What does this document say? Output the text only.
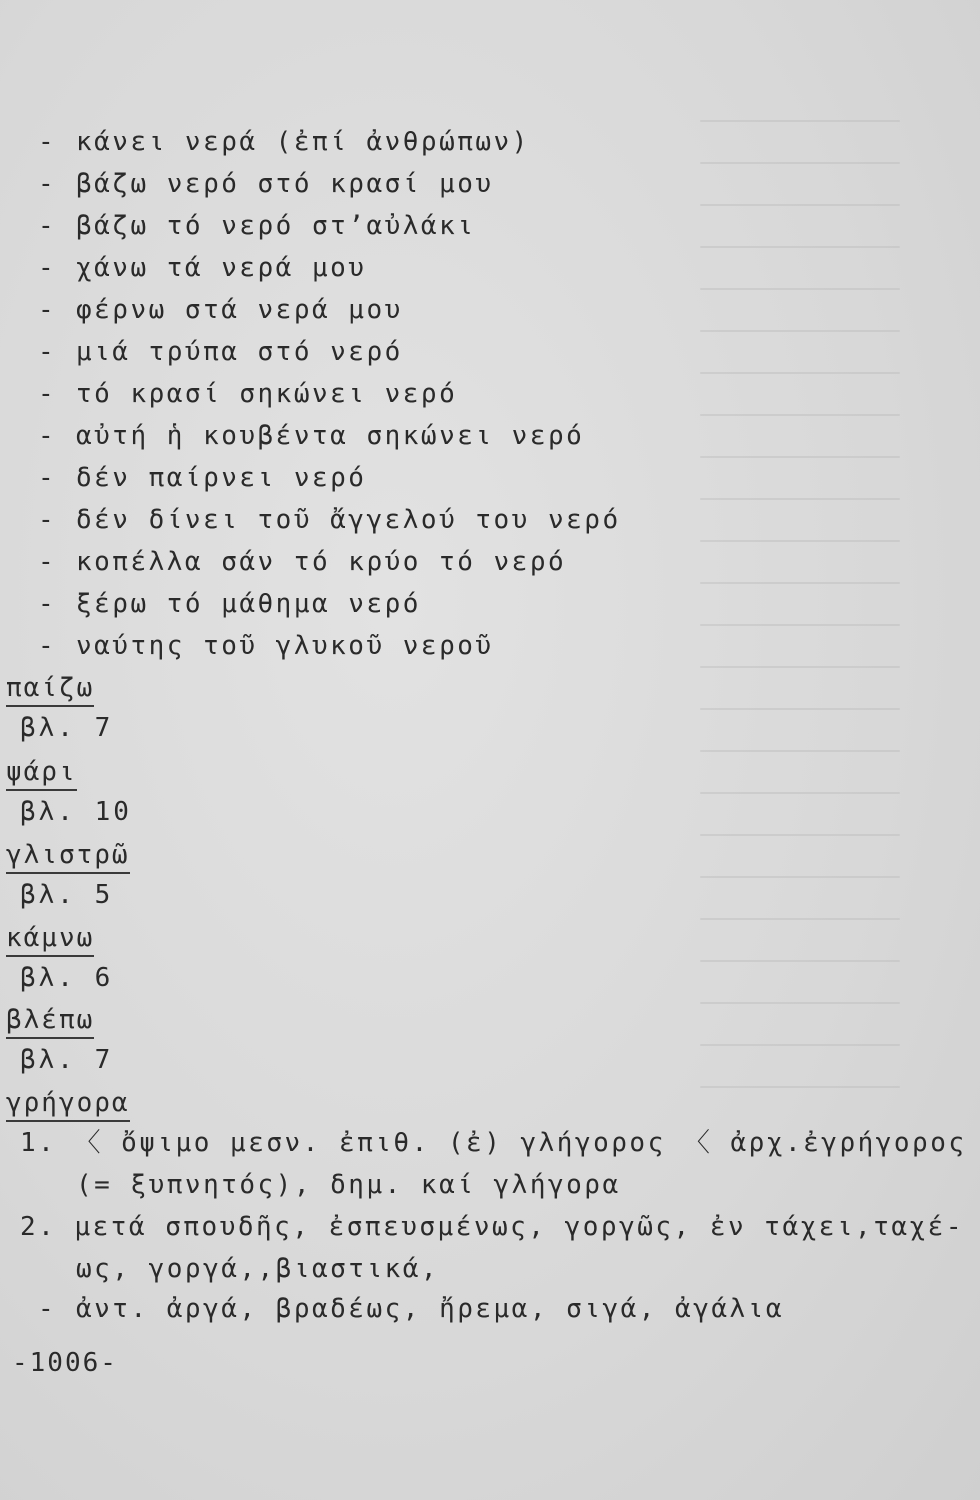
- κάνει νερά (ἐπί ἀνθρώπων)
- βάζω νερό στό κρασί μου
- βάζω τό νερό στ’αὐλάκι
- χάνω τά νερά μου
- φέρνω στά νερά μου
- μιά τρύπα στό νερό
- τό κρασί σηκώνει νερό
- αὐτή ἡ κουβέντα σηκώνει νερό
- δέν παίρνει νερό
- δέν δίνει τοῦ ἄγγελού του νερό
- κοπέλλα σάν τό κρύο τό νερό
- ξέρω τό μάθημα νερό
- ναύτης τοῦ γλυκοῦ νεροῦ
παίζω
βλ. 7
ψάρι
βλ. 10
γλιστρῶ
βλ. 5
κάμνω
βλ. 6
βλέπω
βλ. 7
γρήγορα
1. 〈 ὄψιμο μεσν. ἐπιθ. (ἐ) γλήγορος 〈 ἀρχ.ἐγρήγορος
(= ξυπνητός), δημ. καί γλήγορα
2. μετά σπουδῆς, ἐσπευσμένως, γοργῶς, ἐν τάχει,ταχέ-
ως, γοργά,,βιαστικά,
- ἀντ. ἀργά, βραδέως, ἤρεμα, σιγά, ἀγάλια
-1006-
